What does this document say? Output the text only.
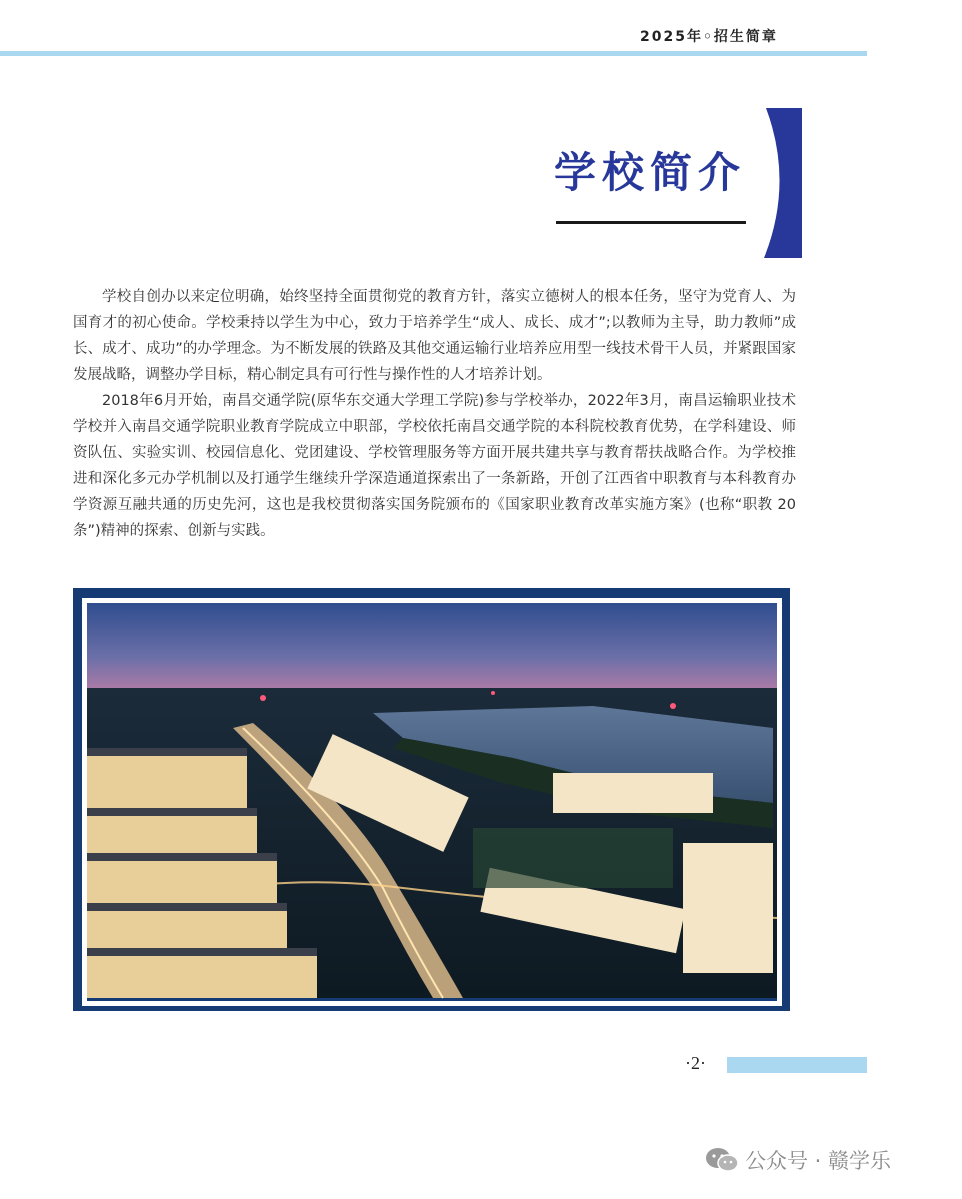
2025年◦招生简章
学校简介

学校自创办以来定位明确，始终坚持全面贯彻党的教育方针，落实立德树人的根本任务，坚守为党育人、为国育才的初心使命。学校秉持以学生为中心，致力于培养学生“成人、成长、成才”;以教师为主导，助力教师”成长、成才、成功”的办学理念。为不断发展的铁路及其他交通运输行业培养应用型一线技术骨干人员，并紧跟国家发展战略，调整办学目标，精心制定具有可行性与操作性的人才培养计划。

2018年6月开始，南昌交通学院(原华东交通大学理工学院)参与学校举办，2022年3月，南昌运输职业技术学校并入南昌交通学院职业教育学院成立中职部，学校依托南昌交通学院的本科院校教育优势，在学科建设、师资队伍、实验实训、校园信息化、党团建设、学校管理服务等方面开展共建共享与教育帮扶战略合作。为学校推进和深化多元办学机制以及打通学生继续升学深造通道探索出了一条新路，开创了江西省中职教育与本科教育办学资源互融共通的历史先河，这也是我校贯彻落实国务院颁布的《国家职业教育改革实施方案》(也称“职教 20 条”)精神的探索、创新与实践。

·2·
公众号 · 赣学乐
